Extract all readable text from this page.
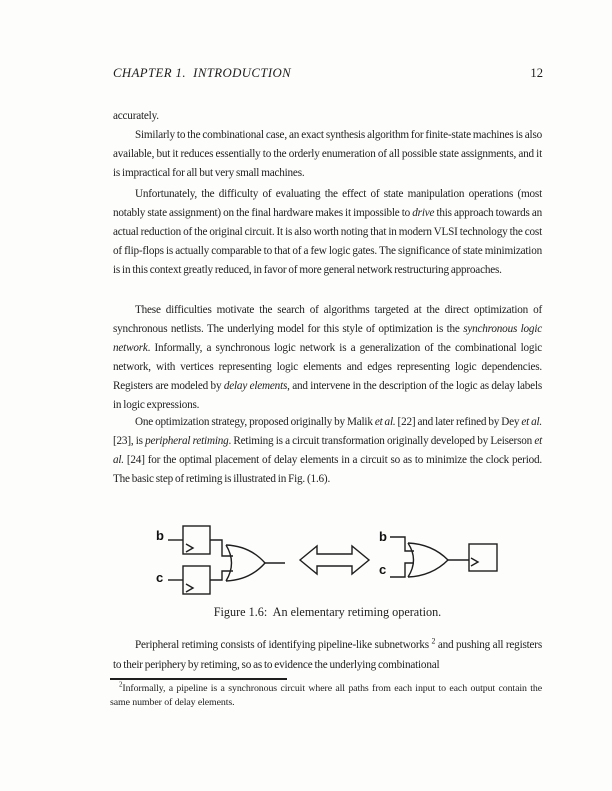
CHAPTER 1.  INTRODUCTION	12

accurately.

Similarly to the combinational case, an exact synthesis algorithm for finite-state machines is also available, but it reduces essentially to the orderly enumeration of all possible state assignments, and it is impractical for all but very small machines.

Unfortunately, the difficulty of evaluating the effect of state manipulation operations (most notably state assignment) on the final hardware makes it impossible to drive this approach towards an actual reduction of the original circuit. It is also worth noting that in modern VLSI technology the cost of flip-flops is actually comparable to that of a few logic gates. The significance of state minimization is in this context greatly reduced, in favor of more general network restructuring approaches.

These difficulties motivate the search of algorithms targeted at the direct optimization of synchronous netlists. The underlying model for this style of optimization is the synchronous logic network. Informally, a synchronous logic network is a generalization of the combinational logic network, with vertices representing logic elements and edges representing logic dependencies. Registers are modeled by delay elements, and intervene in the description of the logic as delay labels in logic expressions.

One optimization strategy, proposed originally by Malik et al. [22] and later refined by Dey et al. [23], is peripheral retiming. Retiming is a circuit transformation originally developed by Leiserson et al. [24] for the optimal placement of delay elements in a circuit so as to minimize the clock period. The basic step of retiming is illustrated in Fig. (1.6).

b
c
b
c
Figure 1.6:  An elementary retiming operation.

Peripheral retiming consists of identifying pipeline-like subnetworks $^2$ and pushing all registers to their periphery by retiming, so as to evidence the underlying combinational

$^2$Informally, a pipeline is a synchronous circuit where all paths from each input to each output contain the same number of delay elements.
